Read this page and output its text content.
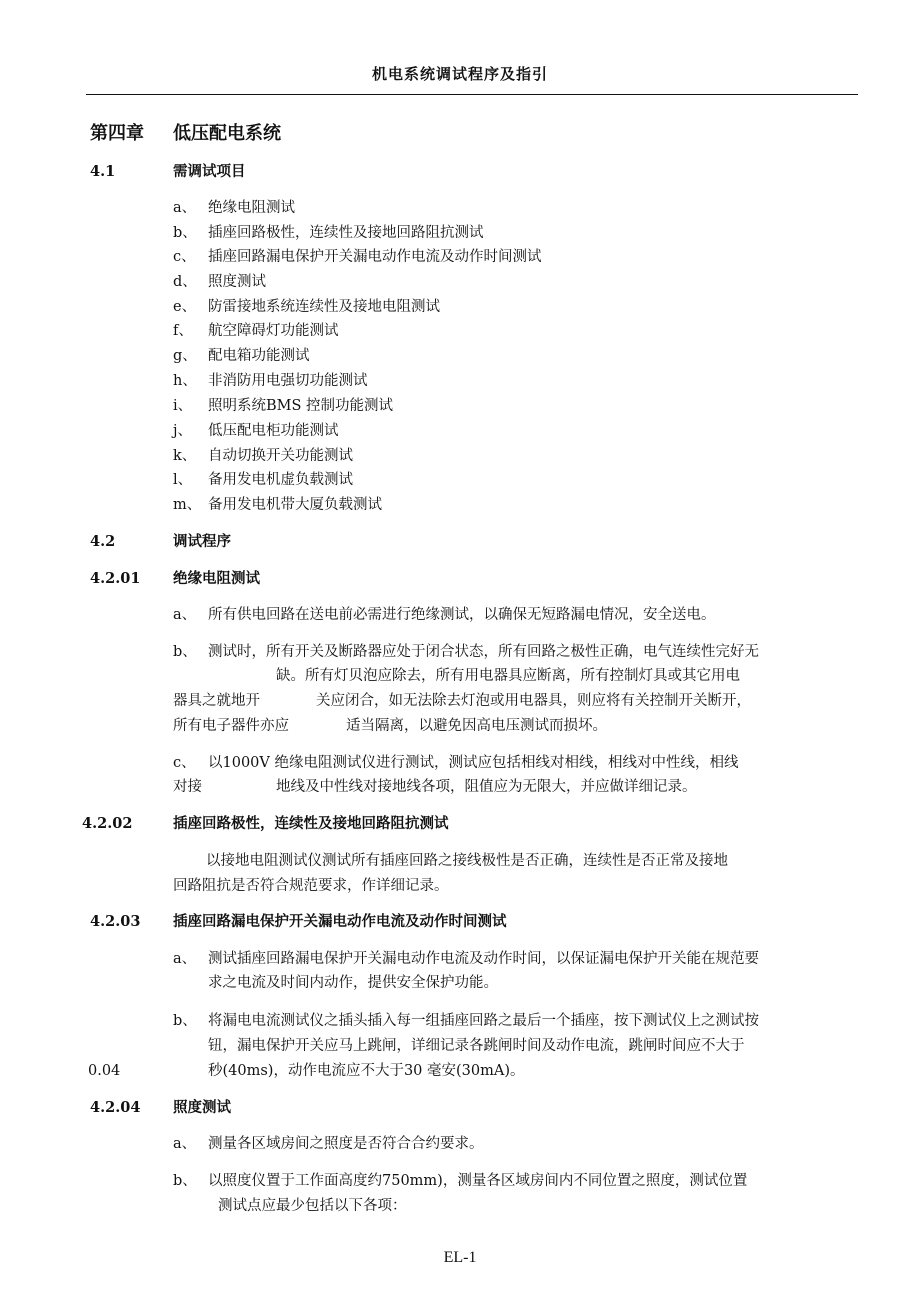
机电系统调试程序及指引
第四章 低压配电系统
4.1	需调试项目
a、 绝缘电阻测试
b、 插座回路极性，连续性及接地回路阻抗测试
c、 插座回路漏电保护开关漏电动作电流及动作时间测试
d、 照度测试
e、 防雷接地系统连续性及接地电阻测试
f、	航空障碍灯功能测试
g、 配电箱功能测试
h、 非消防用电强切功能测试
i、	照明系统BMS 控制功能测试
j、	低压配电柜功能测试
k、 自动切换开关功能测试
l、	备用发电机虚负载测试
m、 备用发电机带大厦负载测试
4.2	调试程序
4.2.01 绝缘电阻测试
a、 所有供电回路在送电前必需进行绝缘测试，以确保无短路漏电情况，安全送电。
b、 测试时，所有开关及断路器应处于闭合状态，所有回路之极性正确，电气连续性完好无
缺。所有灯贝泡应除去，所有用电器具应断离，所有控制灯具或其它用电
器具之就地开	关应闭合，如无法除去灯泡或用电器具，则应将有关控制开关断开，
所有电子器件亦应	适当隔离，以避免因高电压测试而损坏。
c、 以1000V 绝缘电阻测试仪进行测试，测试应包括相线对相线，相线对中性线，相线
对接	地线及中性线对接地线各项，阻值应为无限大，并应做详细记录。
4.2.02	插座回路极性，连续性及接地回路阻抗测试
以接地电阻测试仪测试所有插座回路之接线极性是否正确，连续性是否正常及接地
回路阻抗是否符合规范要求，作详细记录。
4.2.03 插座回路漏电保护开关漏电动作电流及动作时间测试
a、 测试插座回路漏电保护开关漏电动作电流及动作时间，以保证漏电保护开关能在规范要
求之电流及时间内动作，提供安全保护功能。
b、 将漏电电流测试仪之插头插入每一组插座回路之最后一个插座，按下测试仪上之测试按
钮，漏电保护开关应马上跳闸，详细记录各跳闸时间及动作电流，跳闸时间应不大于
0.04	秒(40ms)，动作电流应不大于30 毫安(30mA)。
4.2.04 照度测试
a、 测量各区域房间之照度是否符合合约要求。
b、 以照度仪置于工作面高度约750mm)，测量各区域房间内不同位置之照度，测试位置
测试点应最少包括以下各项：
EL-1
